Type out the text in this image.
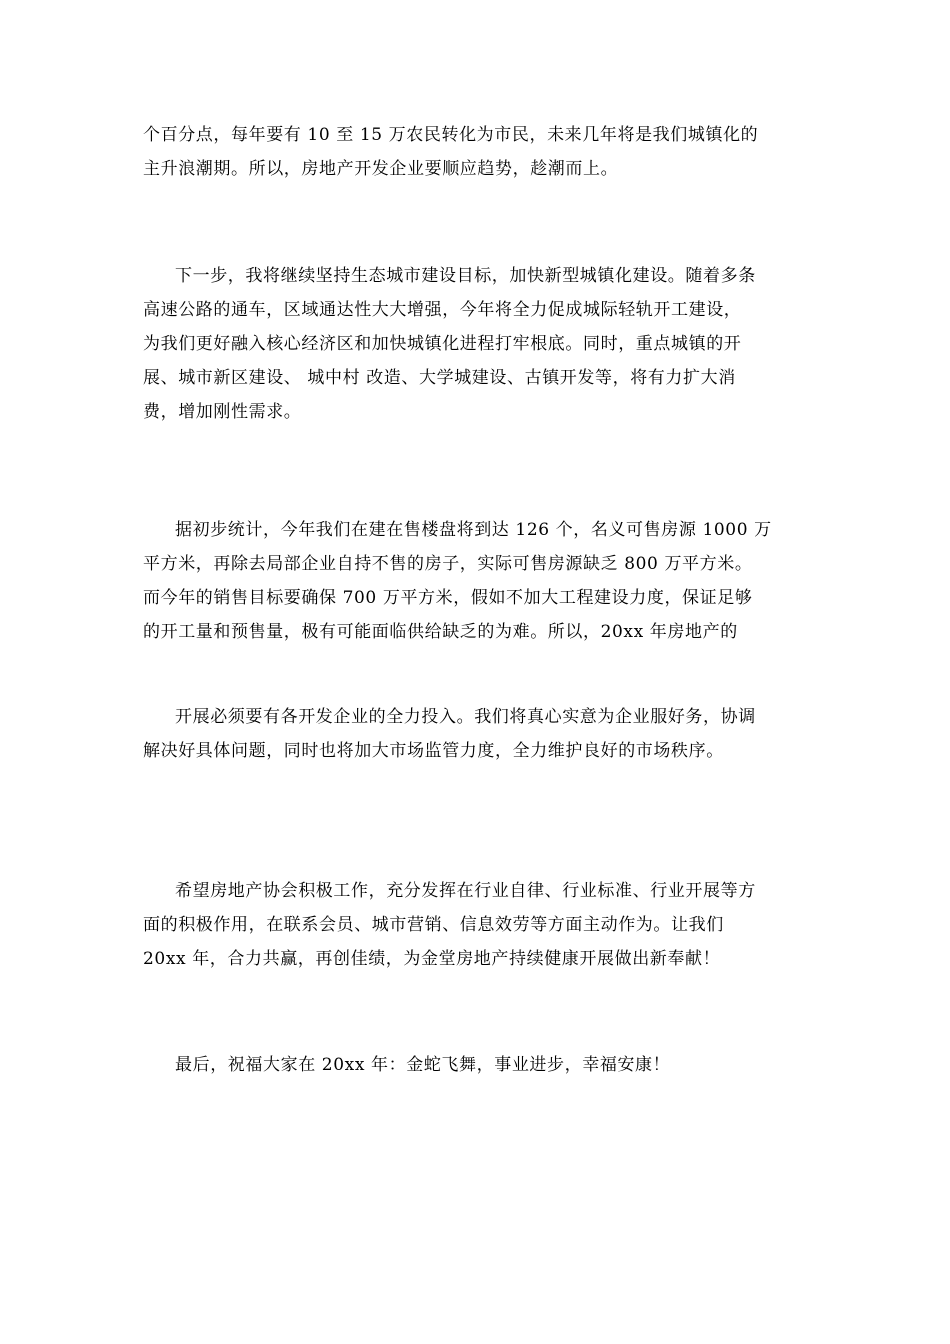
个百分点，每年要有 10 至 15 万农民转化为市民，未来几年将是我们城镇化的
主升浪潮期。所以，房地产开发企业要顺应趋势，趁潮而上。

下一步，我将继续坚持生态城市建设目标，加快新型城镇化建设。随着多条
高速公路的通车，区域通达性大大增强，今年将全力促成城际轻轨开工建设，
为我们更好融入核心经济区和加快城镇化进程打牢根底。同时，重点城镇的开
展、城市新区建设、 城中村 改造、大学城建设、古镇开发等，将有力扩大消
费，增加刚性需求。

据初步统计，今年我们在建在售楼盘将到达 126 个，名义可售房源 1000 万
平方米，再除去局部企业自持不售的房子，实际可售房源缺乏 800 万平方米。
而今年的销售目标要确保 700 万平方米，假如不加大工程建设力度，保证足够
的开工量和预售量，极有可能面临供给缺乏的为难。所以，20xx 年房地产的

开展必须要有各开发企业的全力投入。我们将真心实意为企业服好务，协调
解决好具体问题，同时也将加大市场监管力度，全力维护良好的市场秩序。

希望房地产协会积极工作，充分发挥在行业自律、行业标准、行业开展等方
面的积极作用，在联系会员、城市营销、信息效劳等方面主动作为。让我们
20xx 年，合力共赢，再创佳绩，为金堂房地产持续健康开展做出新奉献！

最后，祝福大家在 20xx 年：金蛇飞舞，事业进步，幸福安康！
